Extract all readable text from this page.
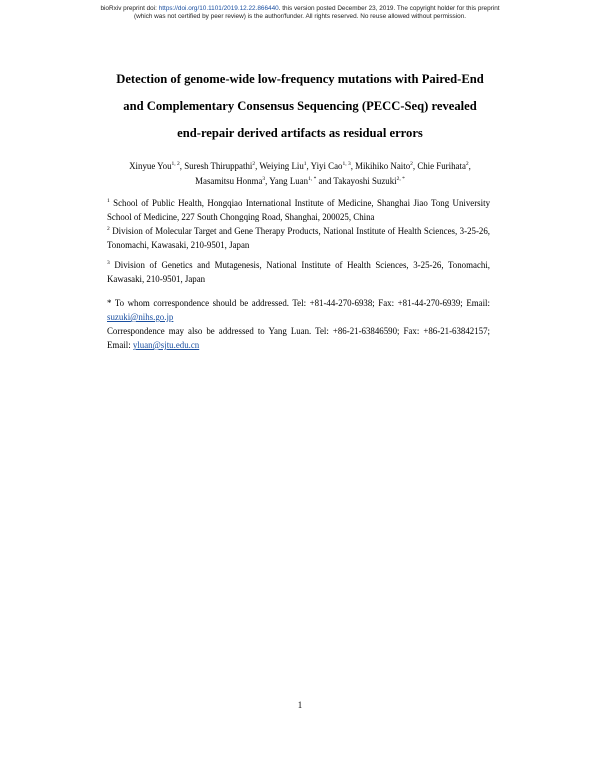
bioRxiv preprint doi: https://doi.org/10.1101/2019.12.22.866440. this version posted December 23, 2019. The copyright holder for this preprint
(which was not certified by peer review) is the author/funder. All rights reserved. No reuse allowed without permission.
Detection of genome-wide low-frequency mutations with Paired-End
and Complementary Consensus Sequencing (PECC-Seq) revealed
end-repair derived artifacts as residual errors
Xinyue You$^{1, 2}$, Suresh Thiruppathi$^2$, Weiying Liu$^1$, Yiyi Cao$^{1, 3}$, Mikihiko Naito$^2$, Chie Furihata$^2$,
Masamitsu Honma$^3$, Yang Luan$^{1, *}$ and Takayoshi Suzuki$^{2, *}$
$^1$ School of Public Health, Hongqiao International Institute of Medicine, Shanghai Jiao Tong University School of Medicine, 227 South Chongqing Road, Shanghai, 200025, China
$^2$ Division of Molecular Target and Gene Therapy Products, National Institute of Health Sciences, 3-25-26, Tonomachi, Kawasaki, 210-9501, Japan
$^3$ Division of Genetics and Mutagenesis, National Institute of Health Sciences, 3-25-26, Tonomachi, Kawasaki, 210-9501, Japan
* To whom correspondence should be addressed. Tel: +81-44-270-6938; Fax: +81-44-270-6939; Email: suzuki@nihs.go.jp
Correspondence may also be addressed to Yang Luan. Tel: +86-21-63846590; Fax: +86-21-63842157; Email: yluan@sjtu.edu.cn
1
